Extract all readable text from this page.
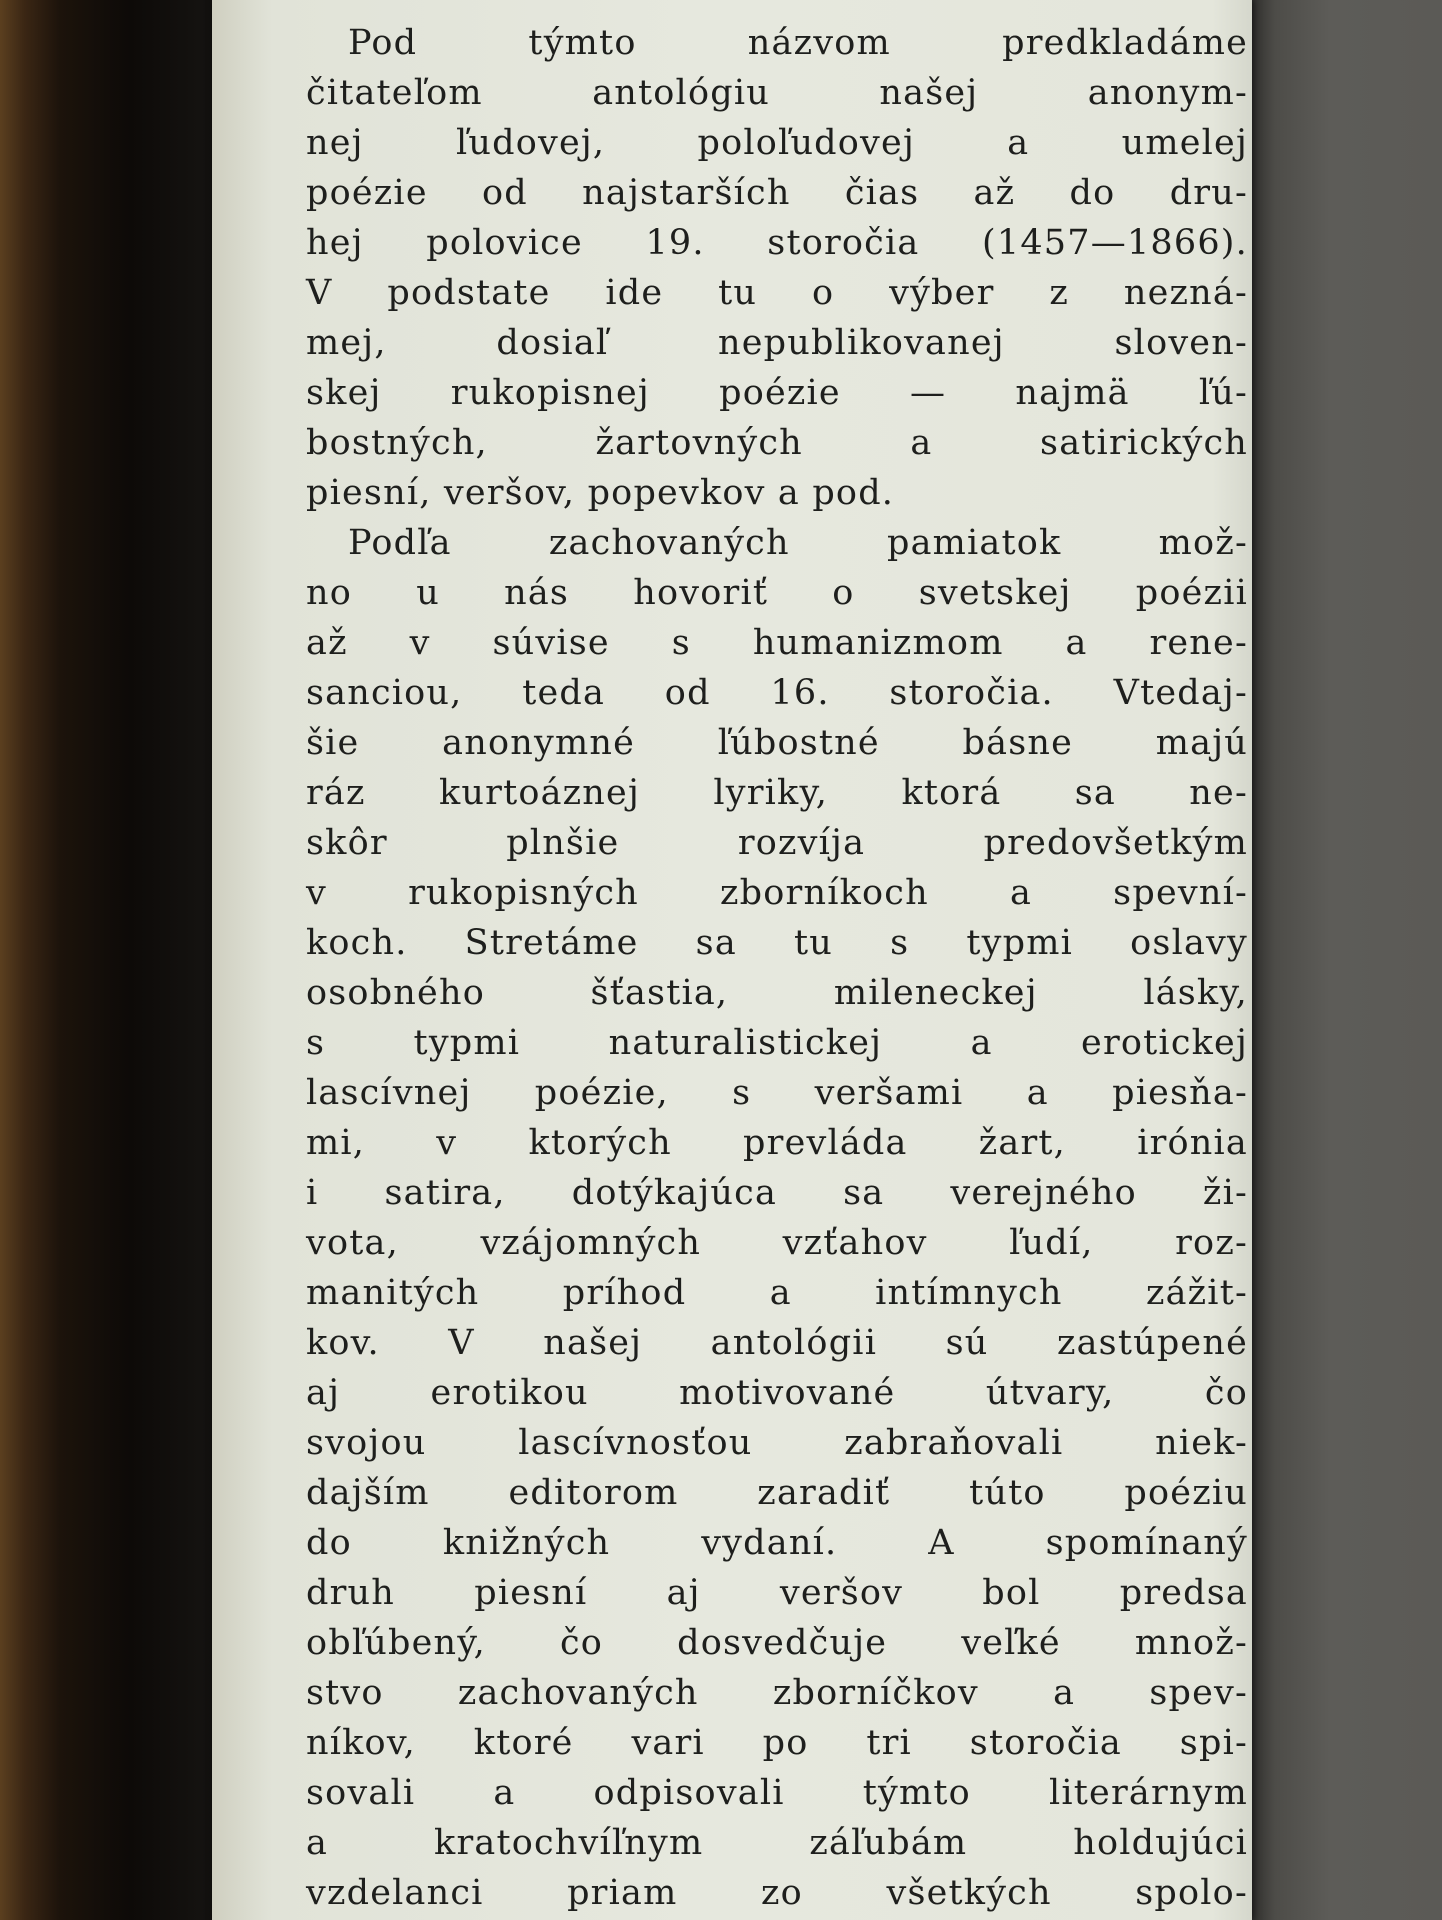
Pod týmto názvom predkladáme
čitateľom antológiu našej anonym-
nej ľudovej, poloľudovej a umelej
poézie od najstarších čias až do dru-
hej polovice 19. storočia (1457—1866).
V podstate ide tu o výber z nezná-
mej, dosiaľ nepublikovanej sloven-
skej rukopisnej poézie — najmä ľú-
bostných, žartovných a satirických
piesní, veršov, popevkov a pod.
Podľa zachovaných pamiatok mož-
no u nás hovoriť o svetskej poézii
až v súvise s humanizmom a rene-
sanciou, teda od 16. storočia. Vtedaj-
šie anonymné ľúbostné básne majú
ráz kurtoáznej lyriky, ktorá sa ne-
skôr plnšie rozvíja predovšetkým
v rukopisných zborníkoch a spevní-
koch. Stretáme sa tu s typmi oslavy
osobného šťastia, mileneckej lásky,
s typmi naturalistickej a erotickej
lascívnej poézie, s veršami a piesňa-
mi, v ktorých prevláda žart, irónia
i satira, dotýkajúca sa verejného ži-
vota, vzájomných vzťahov ľudí, roz-
manitých príhod a intímnych zážit-
kov. V našej antológii sú zastúpené
aj erotikou motivované útvary, čo
svojou lascívnosťou zabraňovali niek-
dajším editorom zaradiť túto poéziu
do knižných vydaní. A spomínaný
druh piesní aj veršov bol predsa
obľúbený, čo dosvedčuje veľké množ-
stvo zachovaných zborníčkov a spev-
níkov, ktoré vari po tri storočia spi-
sovali a odpisovali týmto literárnym
a kratochvíľnym záľubám holdujúci
vzdelanci priam zo všetkých spolo-
